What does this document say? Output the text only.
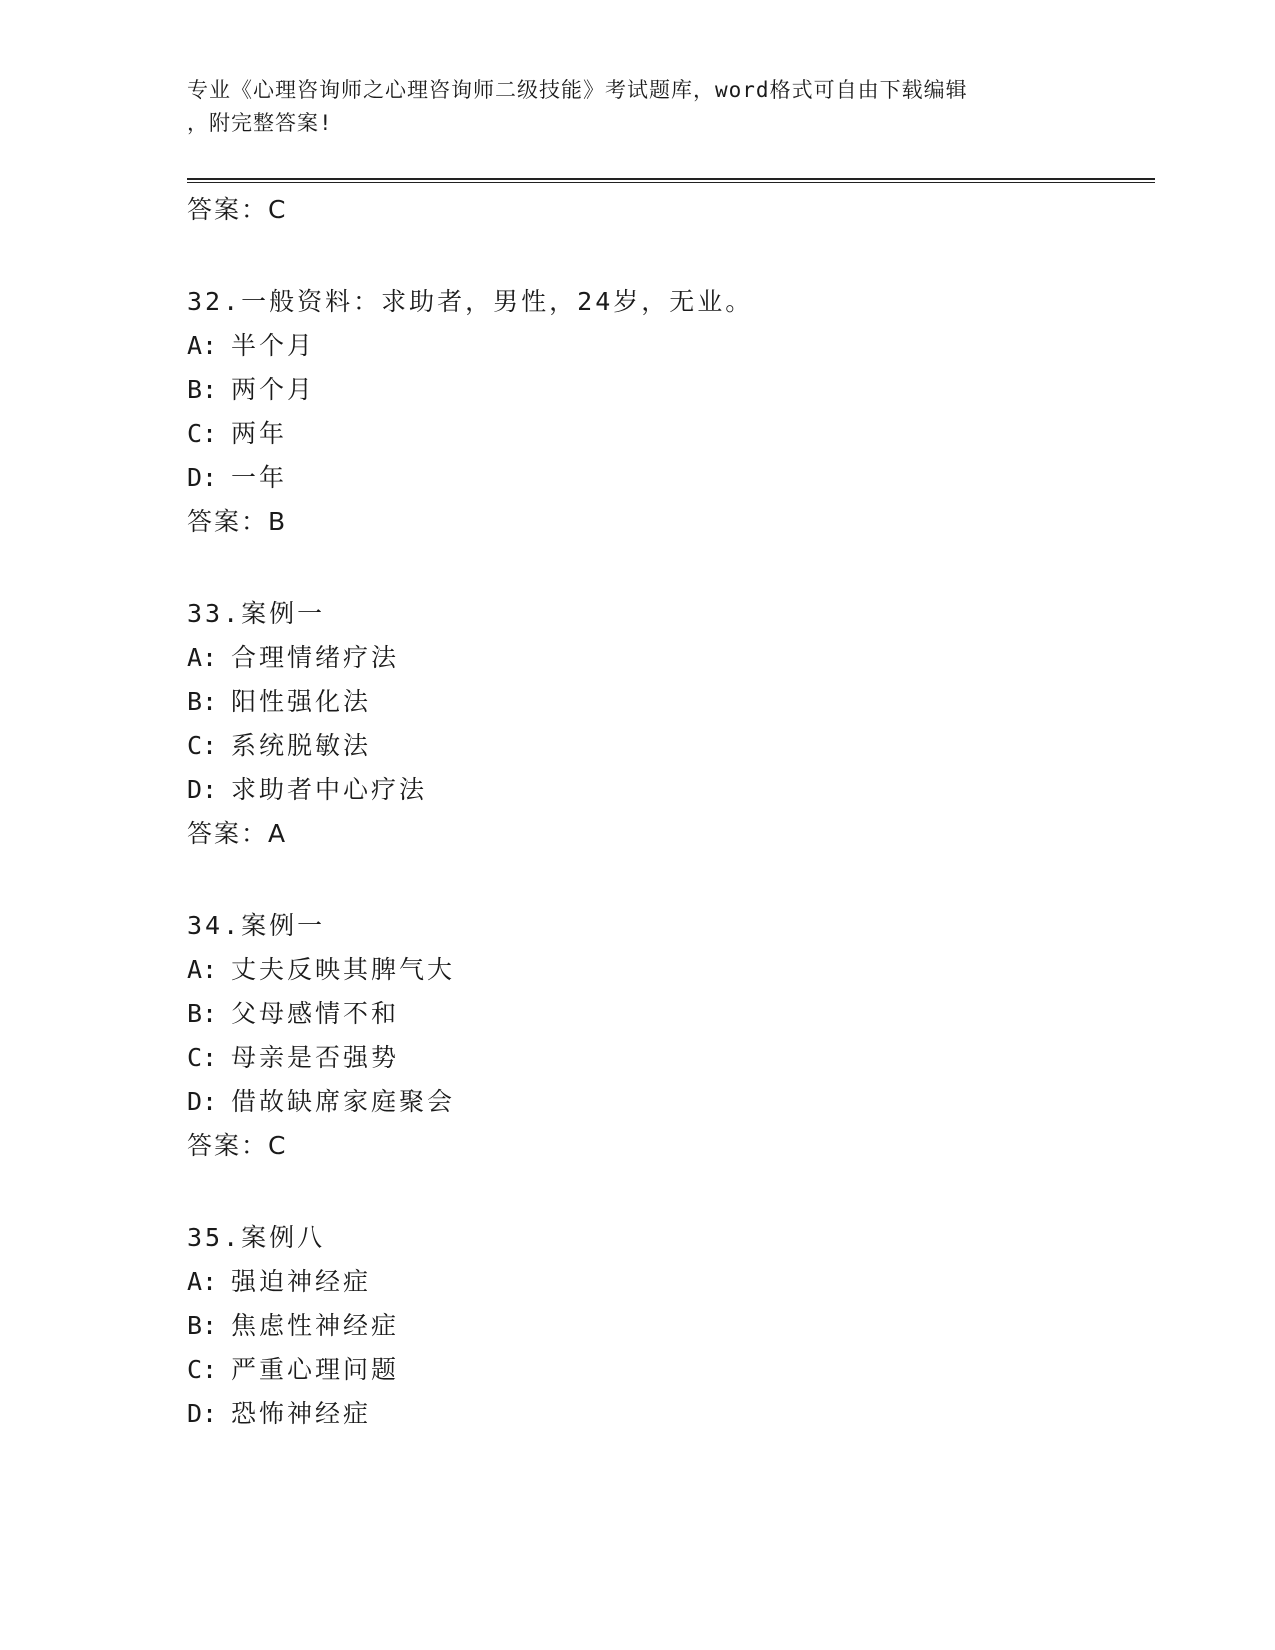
专业《心理咨询师之心理咨询师二级技能》考试题库，word格式可自由下载编辑
，附完整答案!
答案：C
32.一般资料：求助者，男性，24岁，无业。
A: 半个月
B: 两个月
C: 两年
D: 一年
答案：B
33.案例一
A: 合理情绪疗法
B: 阳性强化法
C: 系统脱敏法
D: 求助者中心疗法
答案：A
34.案例一
A: 丈夫反映其脾气大
B: 父母感情不和
C: 母亲是否强势
D: 借故缺席家庭聚会
答案：C
35.案例八
A: 强迫神经症
B: 焦虑性神经症
C: 严重心理问题
D: 恐怖神经症
